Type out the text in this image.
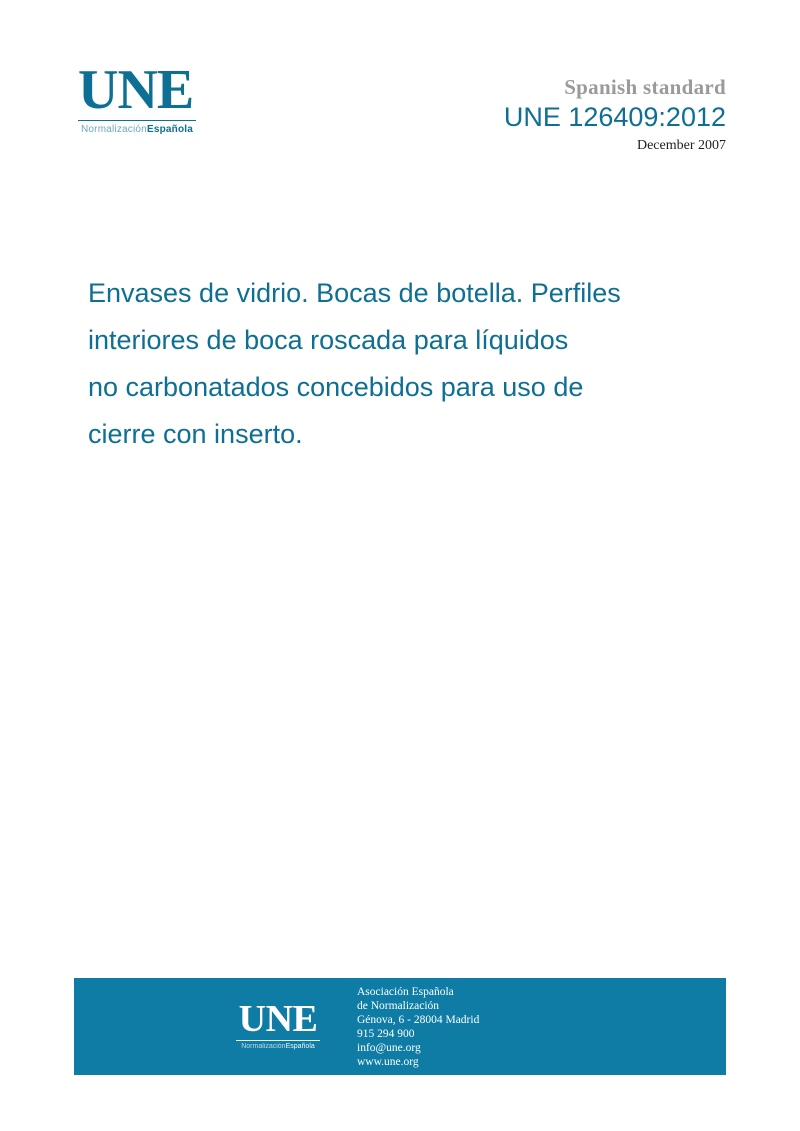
UNE
NormalizaciónEspañola
Spanish standard
UNE 126409:2012
December 2007
Envases de vidrio. Bocas de botella. Perfiles
interiores de boca roscada para líquidos
no carbonatados concebidos para uso de
cierre con inserto.
UNE
NormalizaciónEspañola
Asociación Española
de Normalización
Génova, 6 - 28004 Madrid
915 294 900
info@une.org
www.une.org
